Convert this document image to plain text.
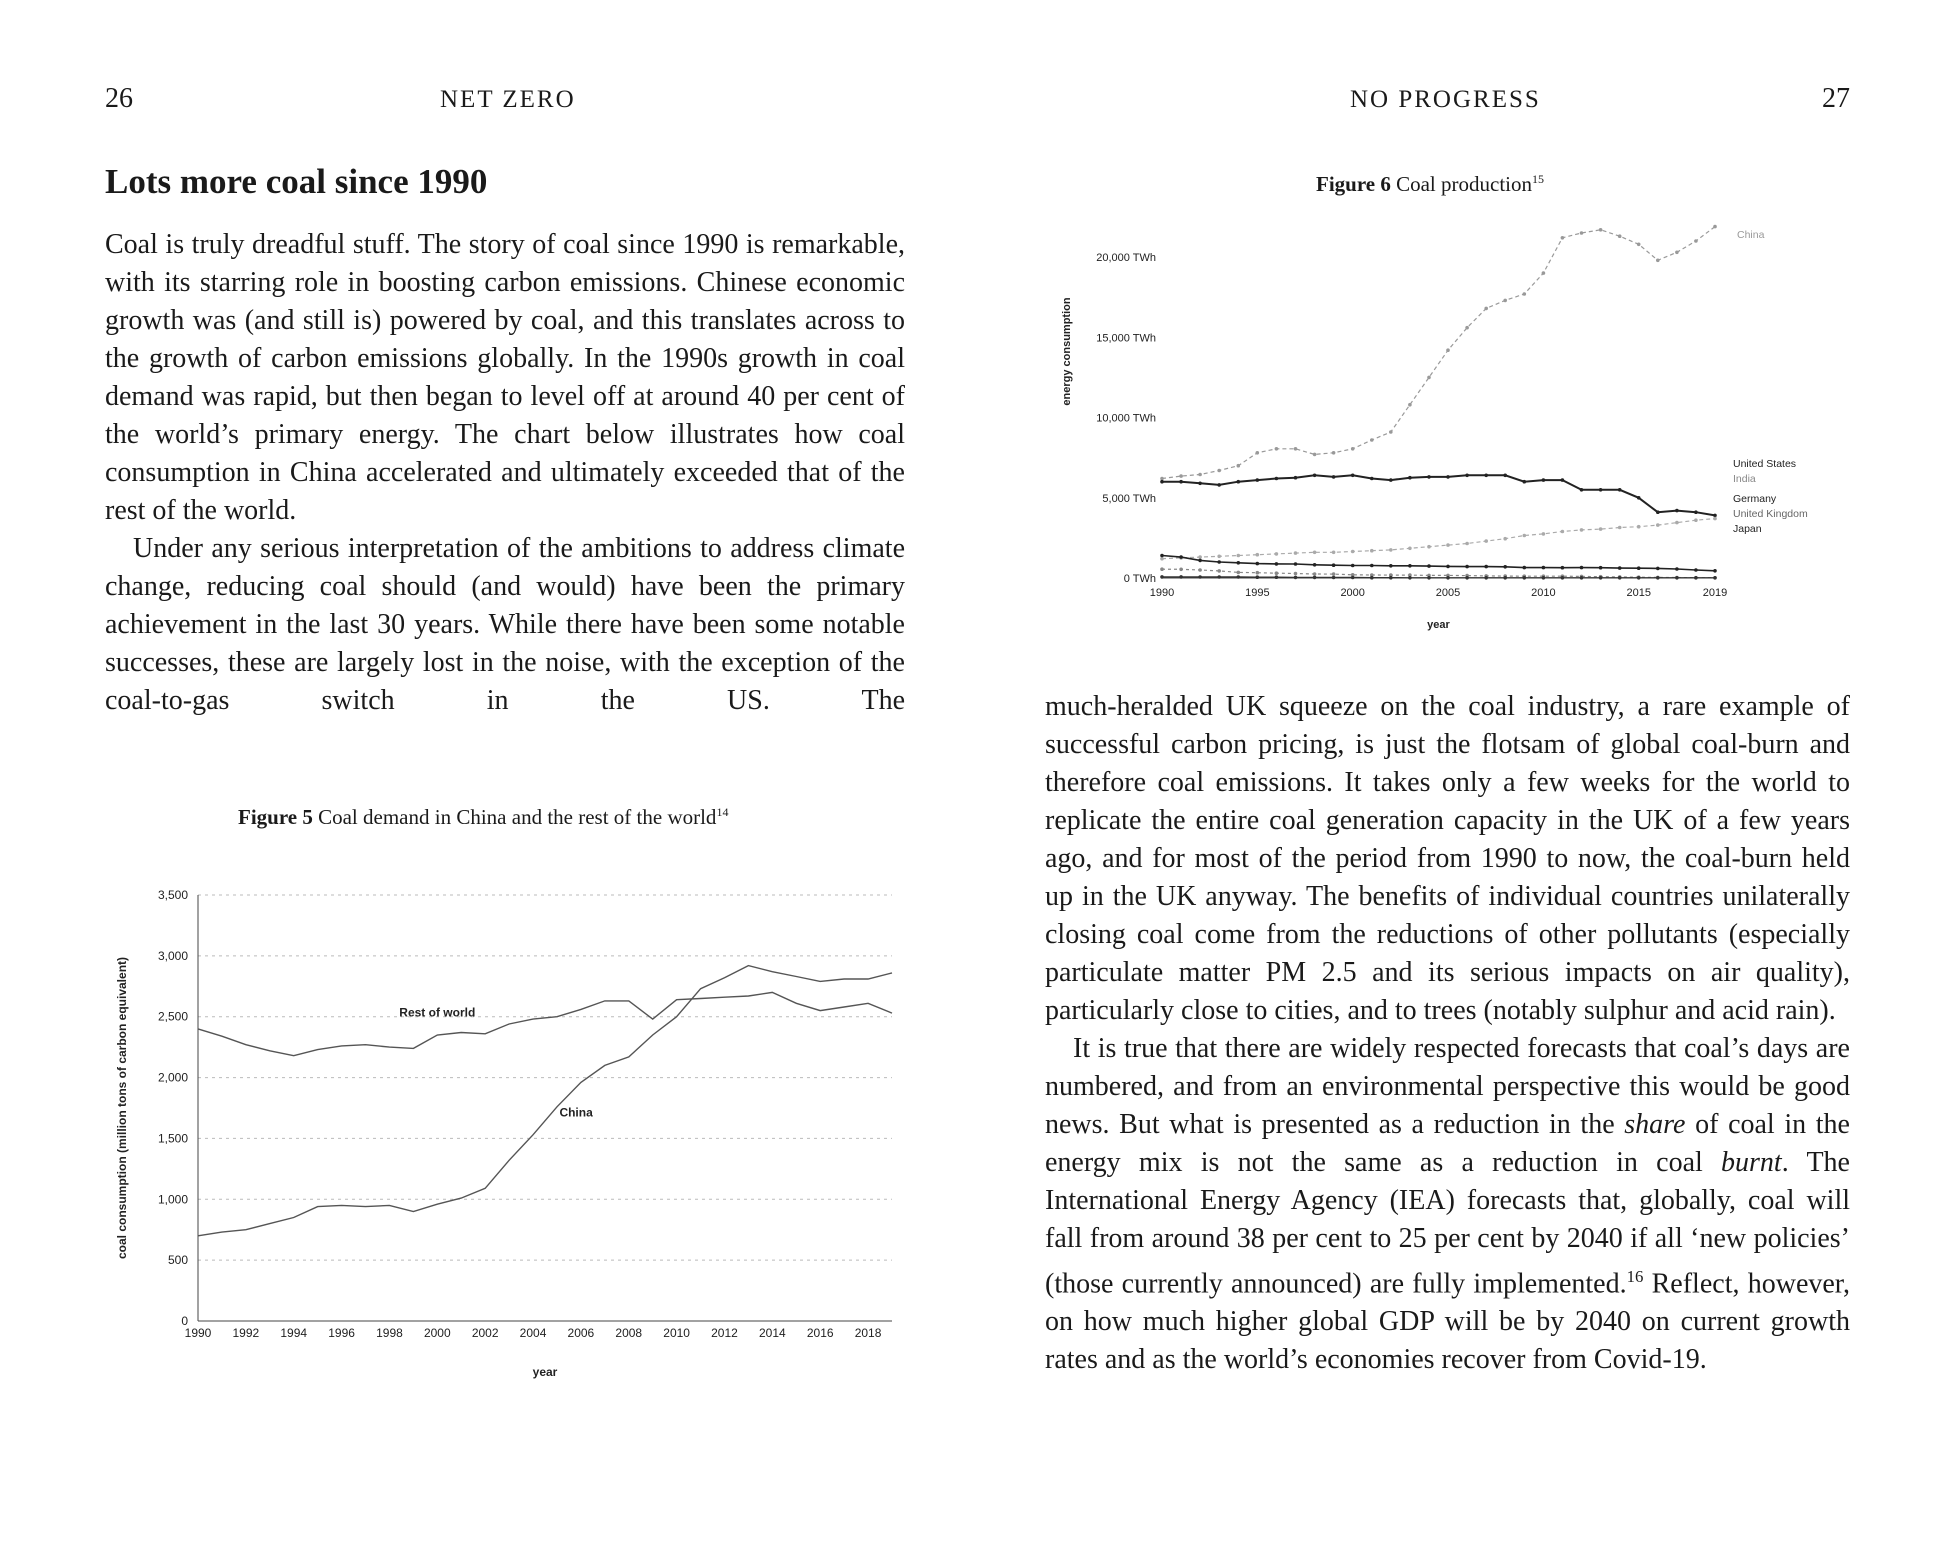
26	NET ZERO
Lots more coal since 1990

Coal is truly dreadful stuff. The story of coal since 1990 is remarkable, with its starring role in boosting carbon emissions. Chinese economic growth was (and still is) powered by coal, and this translates across to the growth of carbon emissions globally. In the 1990s growth in coal demand was rapid, but then began to level off at around 40 per cent of the world’s primary energy. The chart below illustrates how coal consumption in China accelerated and ultimately exceeded that of the rest of the world.

Under any serious interpretation of the ambitions to address climate change, reducing coal should (and would) have been the primary achievement in the last 30 years. While there have been some notable successes, these are largely lost in the noise, with the exception of the coal-to-gas switch in the US. The

Figure 5 Coal demand in China and the rest of the world$^{14}$
0
500
1,000
1,500
2,000
2,500
3,000
3,500
1990 1992 1994 1996 1998 2000 2002 2004 2006 2008 2010 2012 2014 2016 2018
year
coal consumption (million tons of carbon equivalent)	Rest of world
China
NO PROGRESS	27
Figure 6 Coal production$^{15}$
0 TWh
5,000 TWh
10,000 TWh
15,000 TWh
20,000 TWh
1990	1995	2000	2005	2010	2015	2019
year
energy consumption
China
United States
India
Germany
United Kingdom
Japan

much-heralded UK squeeze on the coal industry, a rare example of successful carbon pricing, is just the flotsam of global coal-burn and therefore coal emissions. It takes only a few weeks for the world to replicate the entire coal generation capacity in the UK of a few years ago, and for most of the period from 1990 to now, the coal-burn held up in the UK anyway. The benefits of individual countries unilaterally closing coal come from the reductions of other pollutants (especially particulate matter PM 2.5 and its serious impacts on air quality), particularly close to cities, and to trees (notably sulphur and acid rain).

It is true that there are widely respected forecasts that coal’s days are numbered, and from an environmental perspective this would be good news. But what is presented as a reduction in the share of coal in the energy mix is not the same as a reduction in coal burnt. The International Energy Agency (IEA) forecasts that, globally, coal will fall from around 38 per cent to 25 per cent by 2040 if all ‘new policies’ (those currently announced) are fully implemented.$^{16}$ Reflect, however, on how much higher global GDP will be by 2040 on current growth rates and as the world’s economies recover from Covid-19.
